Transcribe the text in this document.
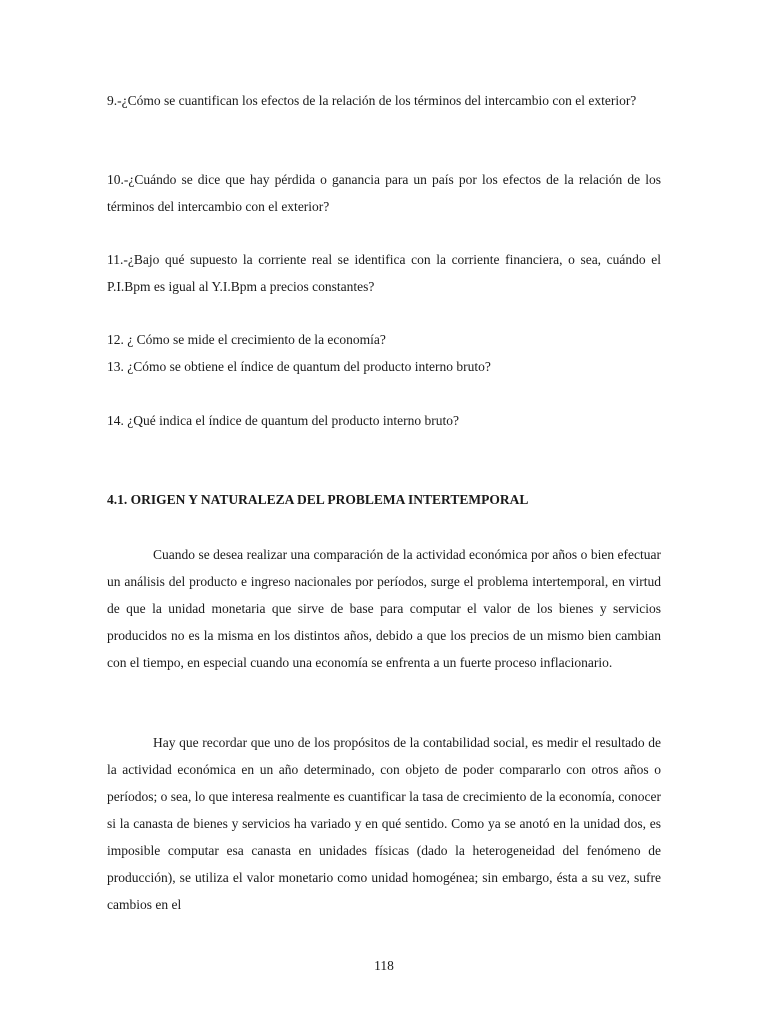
9.-¿Cómo se cuantifican los efectos de la relación de los términos del intercambio con el exterior?
10.-¿Cuándo se dice que hay pérdida o ganancia para un país por los efectos de la relación de los términos del intercambio con el exterior?
11.-¿Bajo qué supuesto la corriente real se identifica con la corriente financiera, o sea, cuándo el P.I.Bpm es igual al Y.I.Bpm a precios constantes?
12. ¿ Cómo se mide el crecimiento de la economía?
13. ¿Cómo se obtiene el índice de quantum del producto interno bruto?
14. ¿Qué indica el índice de quantum del producto interno bruto?
4.1. ORIGEN Y NATURALEZA DEL PROBLEMA INTERTEMPORAL
Cuando se desea realizar una comparación de la actividad económica por años o bien efectuar un análisis del producto e ingreso nacionales por períodos, surge el problema intertemporal, en virtud de que la unidad monetaria que sirve de base para computar el valor de los bienes y servicios producidos no es la misma en los distintos años, debido a que los precios de un mismo bien cambian con el tiempo, en especial cuando una economía se enfrenta a un fuerte proceso inflacionario.
Hay que recordar que uno de los propósitos de la contabilidad social, es medir el resultado de la actividad económica en un año determinado, con objeto de poder compararlo con otros años o períodos; o sea, lo que interesa realmente es cuantificar la tasa de crecimiento de la economía, conocer si la canasta de bienes y servicios ha variado y en qué sentido. Como ya se anotó en la unidad dos, es imposible computar esa canasta en unidades físicas (dado la heterogeneidad del fenómeno de producción), se utiliza el valor monetario como unidad homogénea; sin embargo, ésta a su vez, sufre cambios en el
118
